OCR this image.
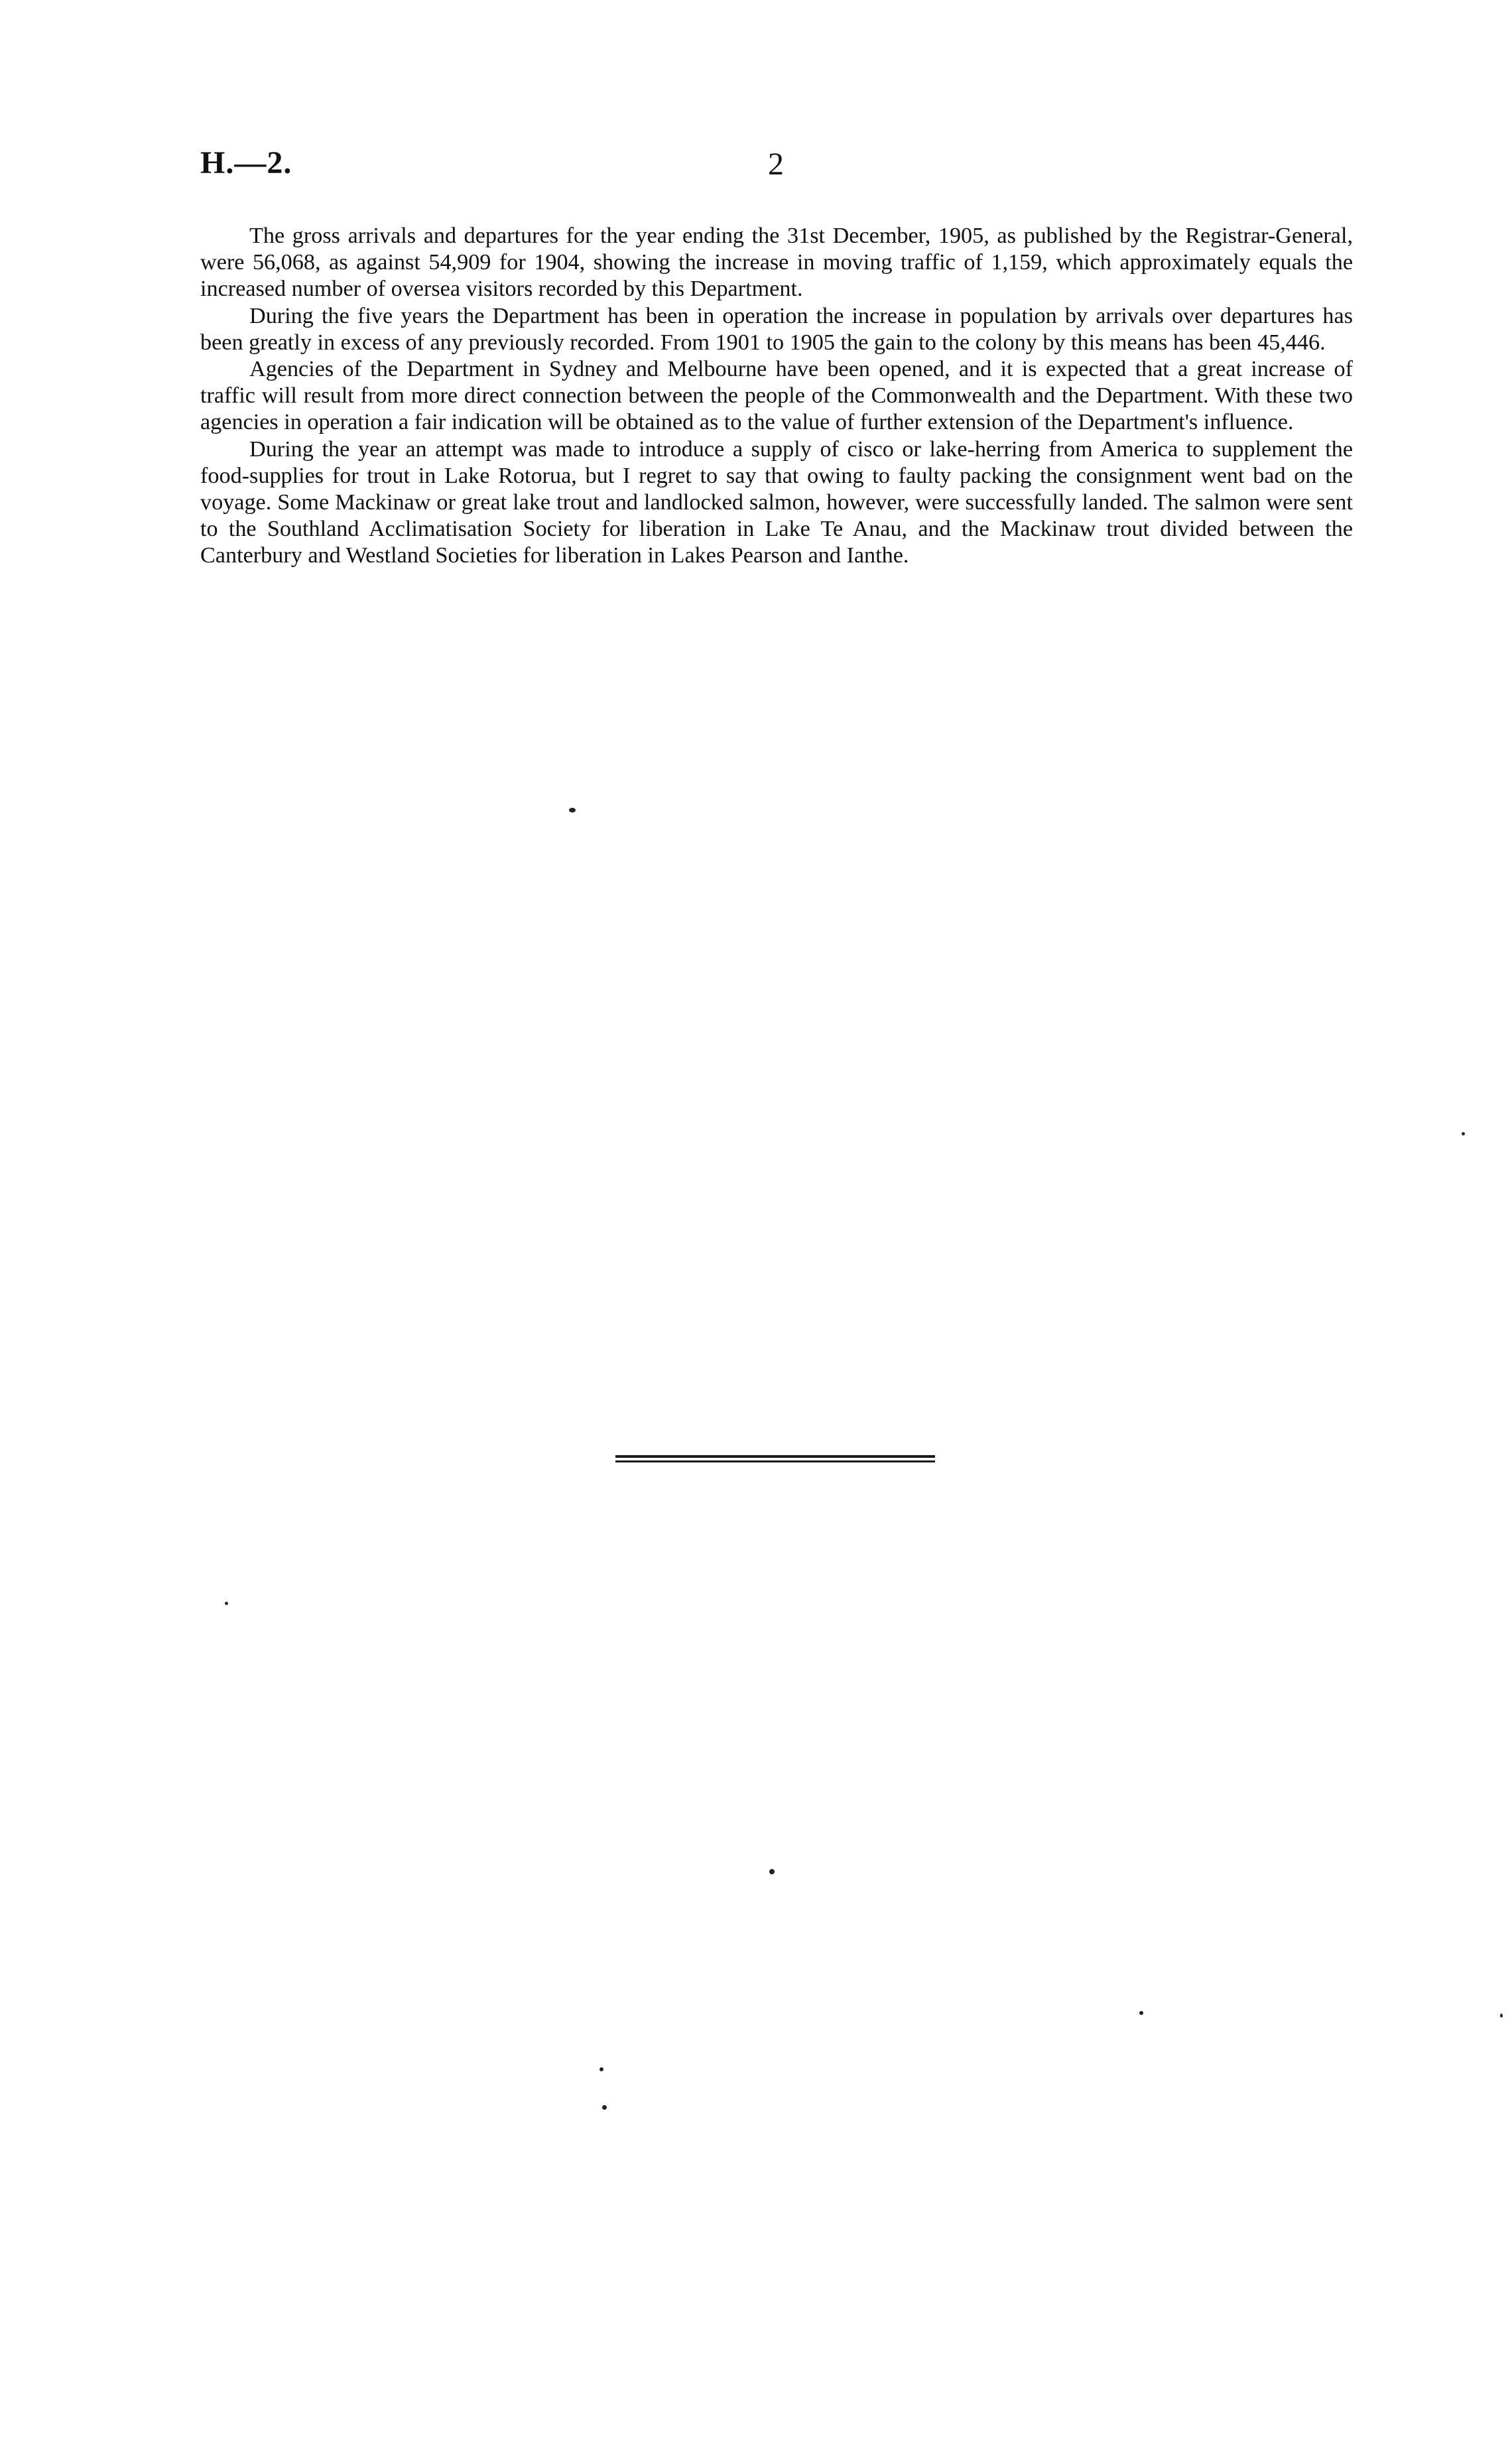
H.—2.	2

The gross arrivals and departures for the year ending the 31st December, 1905, as published by the Registrar-General, were 56,068, as against 54,909 for 1904, showing the increase in moving traffic of 1,159, which approximately equals the increased number of oversea visitors recorded by this Department.

During the five years the Department has been in operation the increase in population by arrivals over departures has been greatly in excess of any previously recorded. From 1901 to 1905 the gain to the colony by this means has been 45,446.

Agencies of the Department in Sydney and Melbourne have been opened, and it is expected that a great increase of traffic will result from more direct connection between the people of the Commonwealth and the Department. With these two agencies in operation a fair indication will be obtained as to the value of further extension of the Department's influence.

During the year an attempt was made to introduce a supply of cisco or lake-herring from America to supplement the food-supplies for trout in Lake Rotorua, but I regret to say that owing to faulty packing the consignment went bad on the voyage. Some Mackinaw or great lake trout and landlocked salmon, however, were successfully landed. The salmon were sent to the Southland Acclimatisation Society for liberation in Lake Te Anau, and the Mackinaw trout divided between the Canterbury and Westland Societies for liberation in Lakes Pearson and Ianthe.
